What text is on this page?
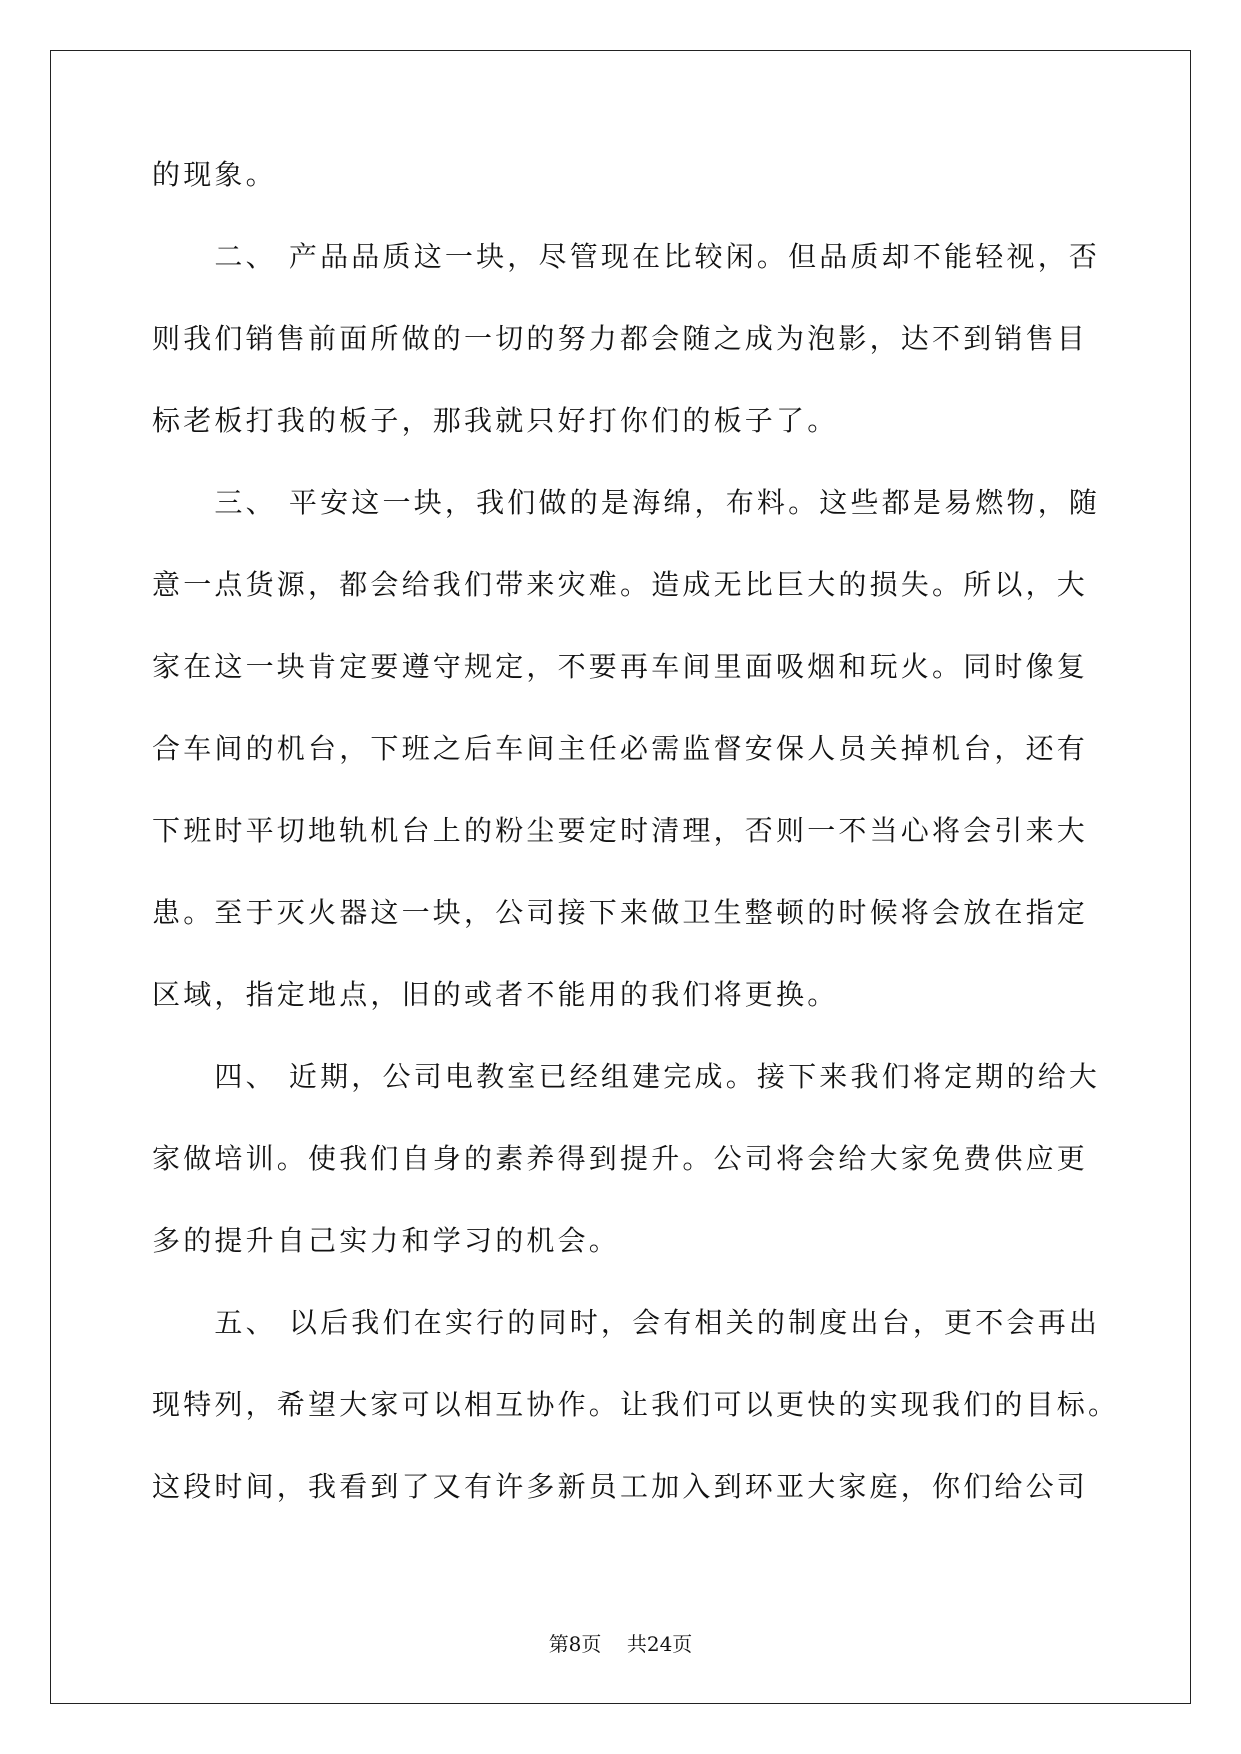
的现象。
　　二、 产品品质这一块，尽管现在比较闲。但品质却不能轻视，否
则我们销售前面所做的一切的努力都会随之成为泡影，达不到销售目
标老板打我的板子，那我就只好打你们的板子了。
　　三、 平安这一块，我们做的是海绵，布料。这些都是易燃物，随
意一点货源，都会给我们带来灾难。造成无比巨大的损失。所以，大
家在这一块肯定要遵守规定，不要再车间里面吸烟和玩火。同时像复
合车间的机台，下班之后车间主任必需监督安保人员关掉机台，还有
下班时平切地轨机台上的粉尘要定时清理，否则一不当心将会引来大
患。至于灭火器这一块，公司接下来做卫生整顿的时候将会放在指定
区域，指定地点，旧的或者不能用的我们将更换。
　　四、 近期，公司电教室已经组建完成。接下来我们将定期的给大
家做培训。使我们自身的素养得到提升。公司将会给大家免费供应更
多的提升自己实力和学习的机会。
　　五、 以后我们在实行的同时，会有相关的制度出台，更不会再出
现特列，希望大家可以相互协作。让我们可以更快的实现我们的目标。
这段时间，我看到了又有许多新员工加入到环亚大家庭，你们给公司
第8页 共24页
